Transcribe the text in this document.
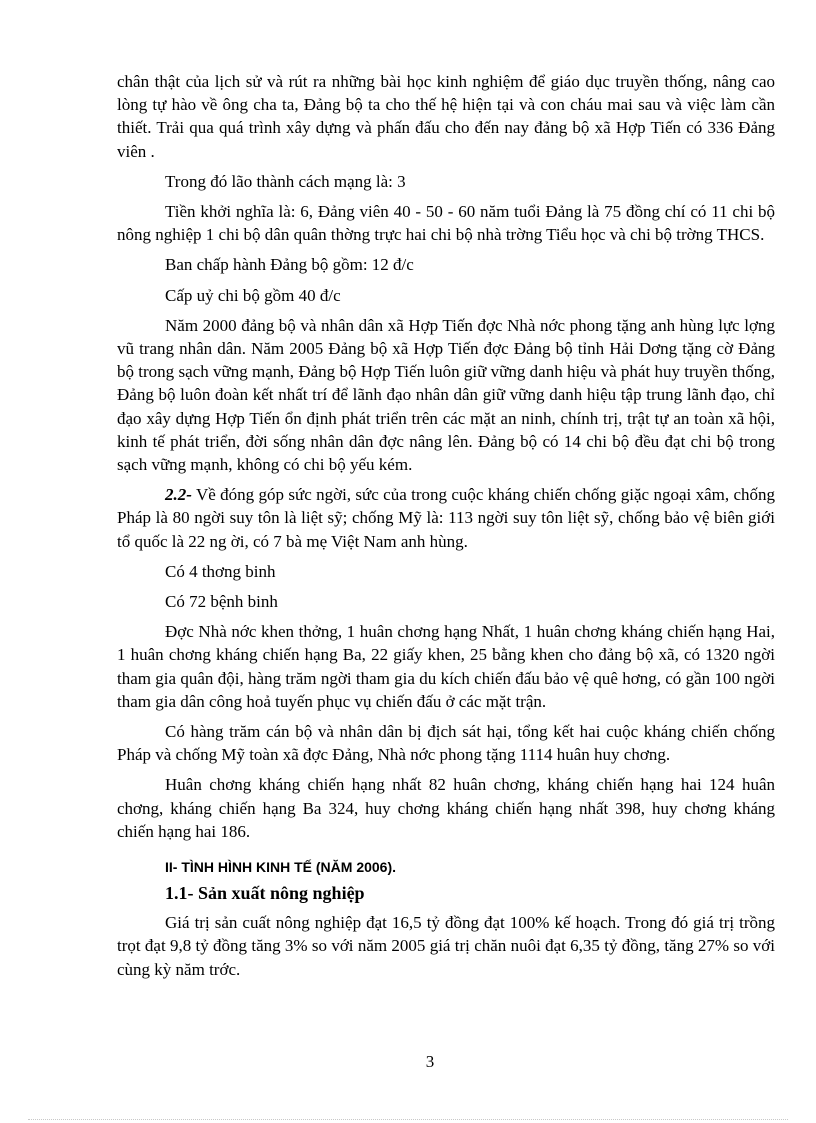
chân thật của lịch sử và rút ra những bài học kinh nghiệm để giáo dục truyền thống, nâng cao lòng tự hào về ông cha ta, Đảng bộ ta cho thế hệ hiện tại và con cháu mai sau và việc làm cần thiết. Trải qua quá trình xây dựng và phấn đấu cho đến nay đảng bộ xã Hợp Tiến có 336 Đảng viên .

Trong đó lão thành cách mạng là: 3

Tiền khởi nghĩa là: 6, Đảng viên 40 - 50 - 60 năm tuổi Đảng là 75 đồng chí có 11 chi bộ nông nghiệp 1 chi bộ dân quân thờng trực hai chi bộ nhà trờng Tiểu học và chi bộ trờng THCS.

Ban chấp hành Đảng bộ gồm: 12 đ/c

Cấp uỷ chi bộ gồm 40 đ/c

Năm 2000 đảng bộ và nhân dân xã Hợp Tiến đợc Nhà nớc phong tặng anh hùng lực lợng vũ trang nhân dân. Năm 2005 Đảng bộ xã Hợp Tiến đợc Đảng bộ tỉnh Hải Dơng tặng cờ Đảng bộ trong sạch vững mạnh, Đảng bộ Hợp Tiến luôn giữ vững danh hiệu và phát huy truyền thống, Đảng bộ luôn đoàn kết nhất trí để lãnh đạo nhân dân giữ vững danh hiệu tập trung lãnh đạo, chỉ đạo xây dựng Hợp Tiến ổn định phát triển trên các mặt an ninh, chính trị, trật tự an toàn xã hội, kinh tế phát triển, đời sống nhân dân đợc nâng lên. Đảng bộ có 14 chi bộ đều đạt chi bộ trong sạch vững mạnh, không có chi bộ yếu kém.

2.2- Về đóng góp sức ngời, sức của trong cuộc kháng chiến chống giặc ngoại xâm, chống Pháp là 80 ngời suy tôn là liệt sỹ; chống Mỹ là: 113 ngời suy tôn liệt sỹ, chống bảo vệ biên giới tổ quốc là 22 ng ời, có 7 bà mẹ Việt Nam anh hùng.

Có 4 thơng binh

Có 72 bệnh binh

Đợc Nhà nớc khen thởng, 1 huân chơng hạng Nhất, 1 huân chơng kháng chiến hạng Hai, 1 huân chơng kháng chiến hạng Ba, 22 giấy khen, 25 bằng khen cho đảng bộ xã, có 1320 ngời tham gia quân đội, hàng trăm ngời tham gia du kích chiến đấu bảo vệ quê hơng, có gần 100 ngời tham gia dân công hoả tuyến phục vụ chiến đấu ở các mặt trận.

Có hàng trăm cán bộ và nhân dân bị địch sát hại, tổng kết hai cuộc kháng chiến chống Pháp và chống Mỹ toàn xã đợc Đảng, Nhà nớc phong tặng 1114 huân huy chơng.

Huân chơng kháng chiến hạng nhất 82 huân chơng, kháng chiến hạng hai 124 huân chơng, kháng chiến hạng Ba 324, huy chơng kháng chiến hạng nhất 398, huy chơng kháng chiến hạng hai 186.

II- TÌNH HÌNH KINH TẾ (NĂM 2006).
1.1- Sản xuất nông nghiệp

Giá trị sản cuất nông nghiệp đạt 16,5 tỷ đồng đạt 100% kế hoạch. Trong đó giá trị trồng trọt đạt 9,8 tỷ đồng tăng 3% so với năm 2005 giá trị chăn nuôi đạt 6,35 tỷ đồng, tăng 27% so với cùng kỳ năm trớc.

3
